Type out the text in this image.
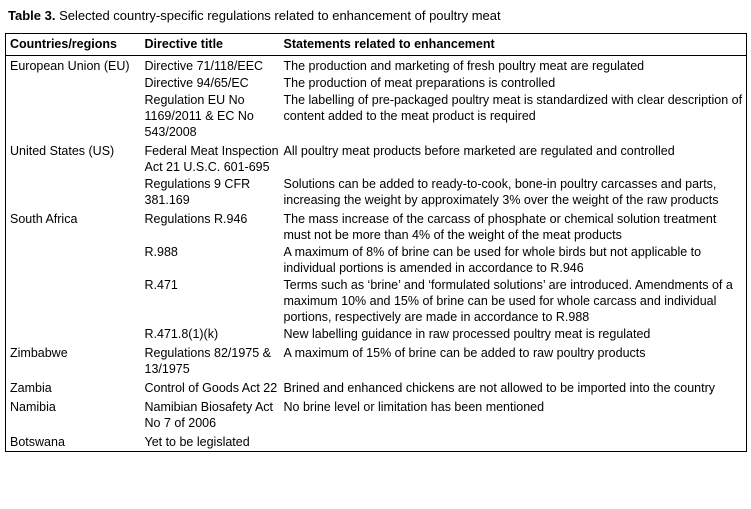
Table 3. Selected country-specific regulations related to enhancement of poultry meat
Countries/regions	Directive title	Statements related to enhancement
European Union (EU)	Directive 71/118/EEC	The production and marketing of fresh poultry meat are regulated
	Directive 94/65/EC	The production of meat preparations is controlled
	Regulation EU No 1169/2011 & EC No 543/2008	The labelling of pre-packaged poultry meat is standardized with clear description of content added to the meat product is required
United States (US)	Federal Meat Inspection Act 21 U.S.C. 601-695	All poultry meat products before marketed are regulated and controlled
	Regulations 9 CFR 381.169	Solutions can be added to ready-to-cook, bone-in poultry carcasses and parts, increasing the weight by approximately 3% over the weight of the raw products
South Africa	Regulations R.946	The mass increase of the carcass of phosphate or chemical solution treatment must not be more than 4% of the weight of the meat products
	R.988	A maximum of 8% of brine can be used for whole birds but not applicable to individual portions is amended in accordance to R.946
	R.471	Terms such as ‘brine’ and ‘formulated solutions’ are introduced. Amendments of a maximum 10% and 15% of brine can be used for whole carcass and individual portions, respectively are made in accordance to R.988
	R.471.8(1)(k)	New labelling guidance in raw processed poultry meat is regulated
Zimbabwe	Regulations 82/1975 & 13/1975	A maximum of 15% of brine can be added to raw poultry products
Zambia	Control of Goods Act 22	Brined and enhanced chickens are not allowed to be imported into the country
Namibia	Namibian Biosafety Act No 7 of 2006	No brine level or limitation has been mentioned
Botswana	Yet to be legislated	
